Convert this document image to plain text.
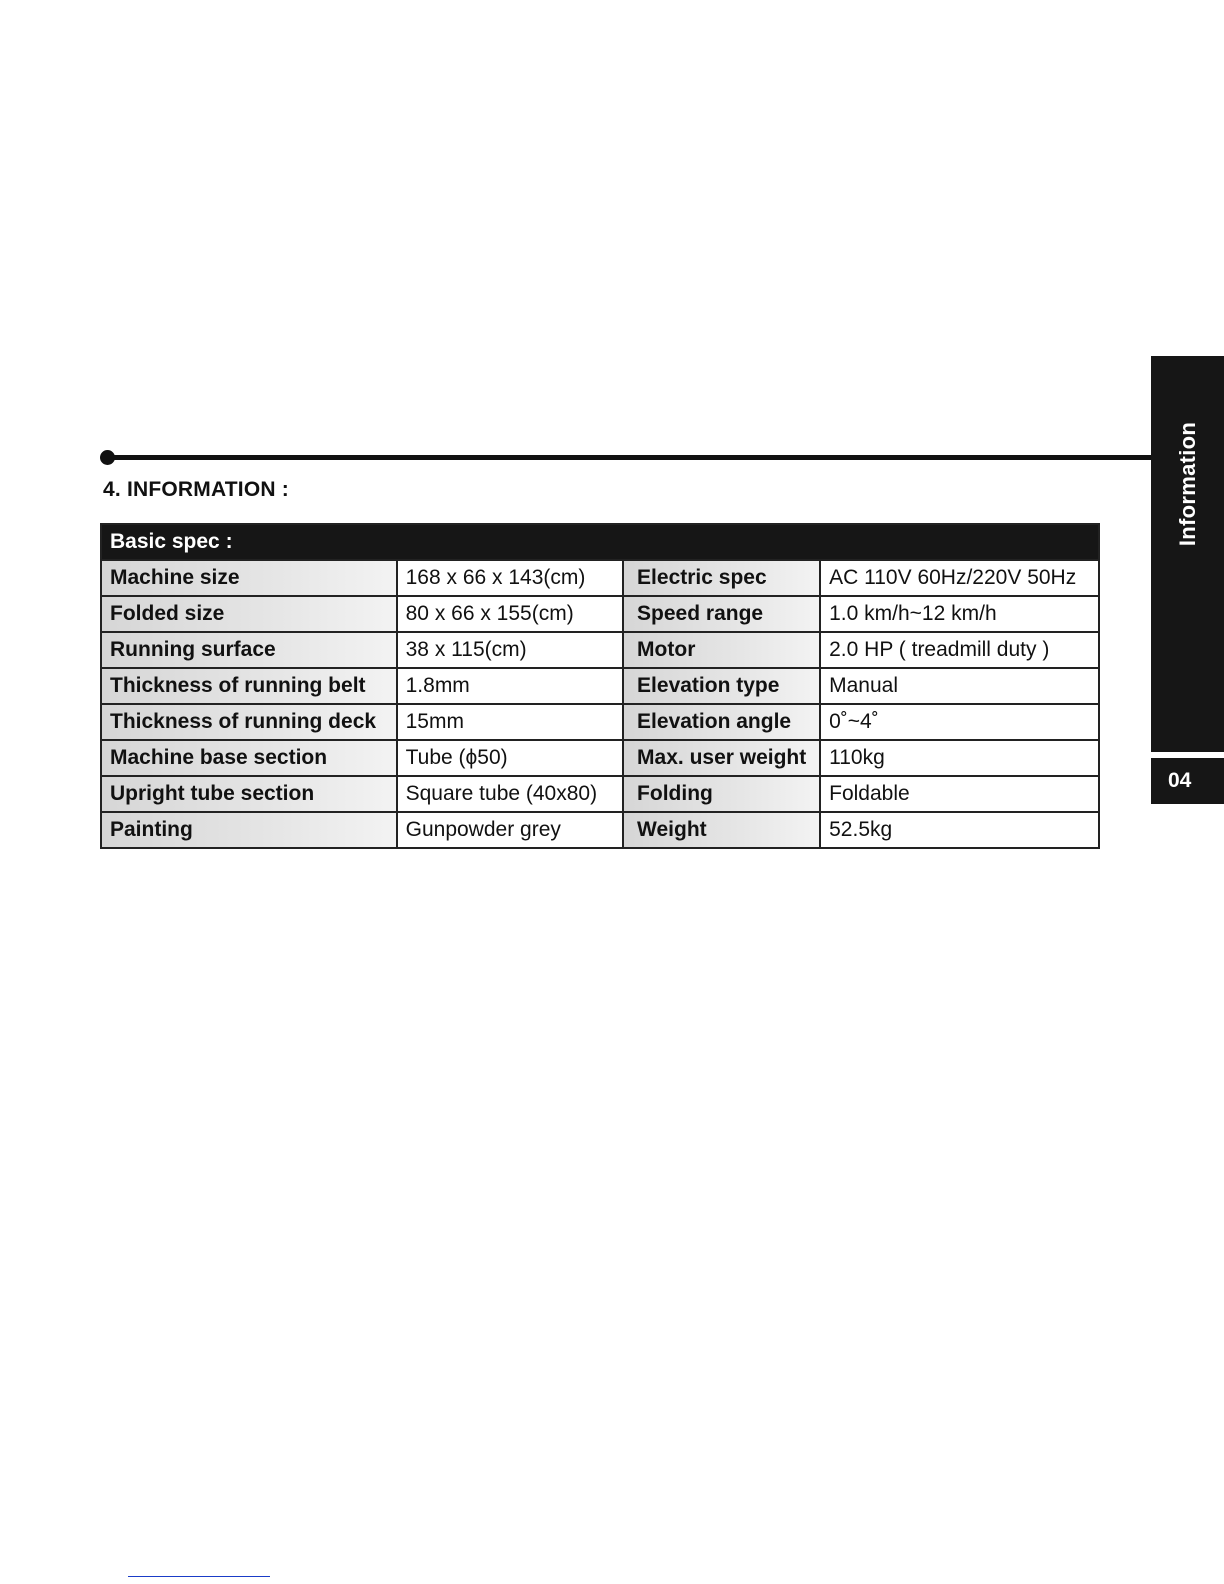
4. INFORMATION :	Information
04
Basic spec :			
Machine size	168 x 66 x 143(cm)	Electric spec	AC 110V 60Hz/220V 50Hz
Folded size	80 x 66 x 155(cm)	Speed range	1.0 km/h~12 km/h
Running surface	38 x 115(cm)	Motor	2.0 HP ( treadmill duty )
Thickness of running belt	1.8mm	Elevation type	Manual
Thickness of running deck	15mm	Elevation angle	0˚~4˚
Machine base section	Tube (ϕ50)	Max. user weight	110kg
Upright tube section	Square tube (40x80)	Folding	Foldable
Painting	Gunpowder grey	Weight	52.5kg
